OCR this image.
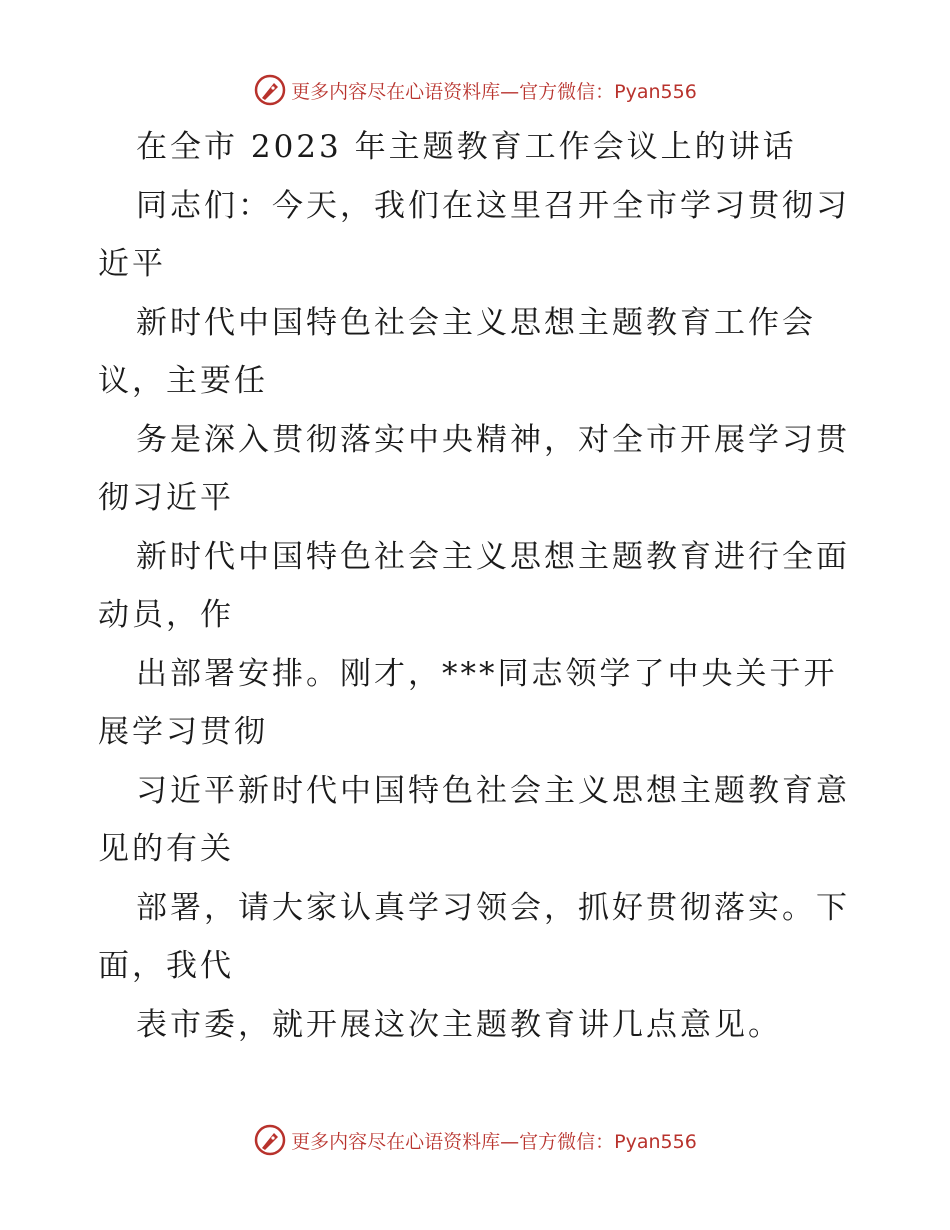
更多内容尽在心语资料库—官方微信：Pyan556
在全市 2023 年主题教育工作会议上的讲话
同志们：今天，我们在这里召开全市学习贯彻习
近平
新时代中国特色社会主义思想主题教育工作会
议，主要任
务是深入贯彻落实中央精神，对全市开展学习贯
彻习近平
新时代中国特色社会主义思想主题教育进行全面
动员，作
出部署安排。刚才，***同志领学了中央关于开
展学习贯彻
习近平新时代中国特色社会主义思想主题教育意
见的有关
部署，请大家认真学习领会，抓好贯彻落实。下
面，我代
表市委，就开展这次主题教育讲几点意见。
更多内容尽在心语资料库—官方微信：Pyan556
